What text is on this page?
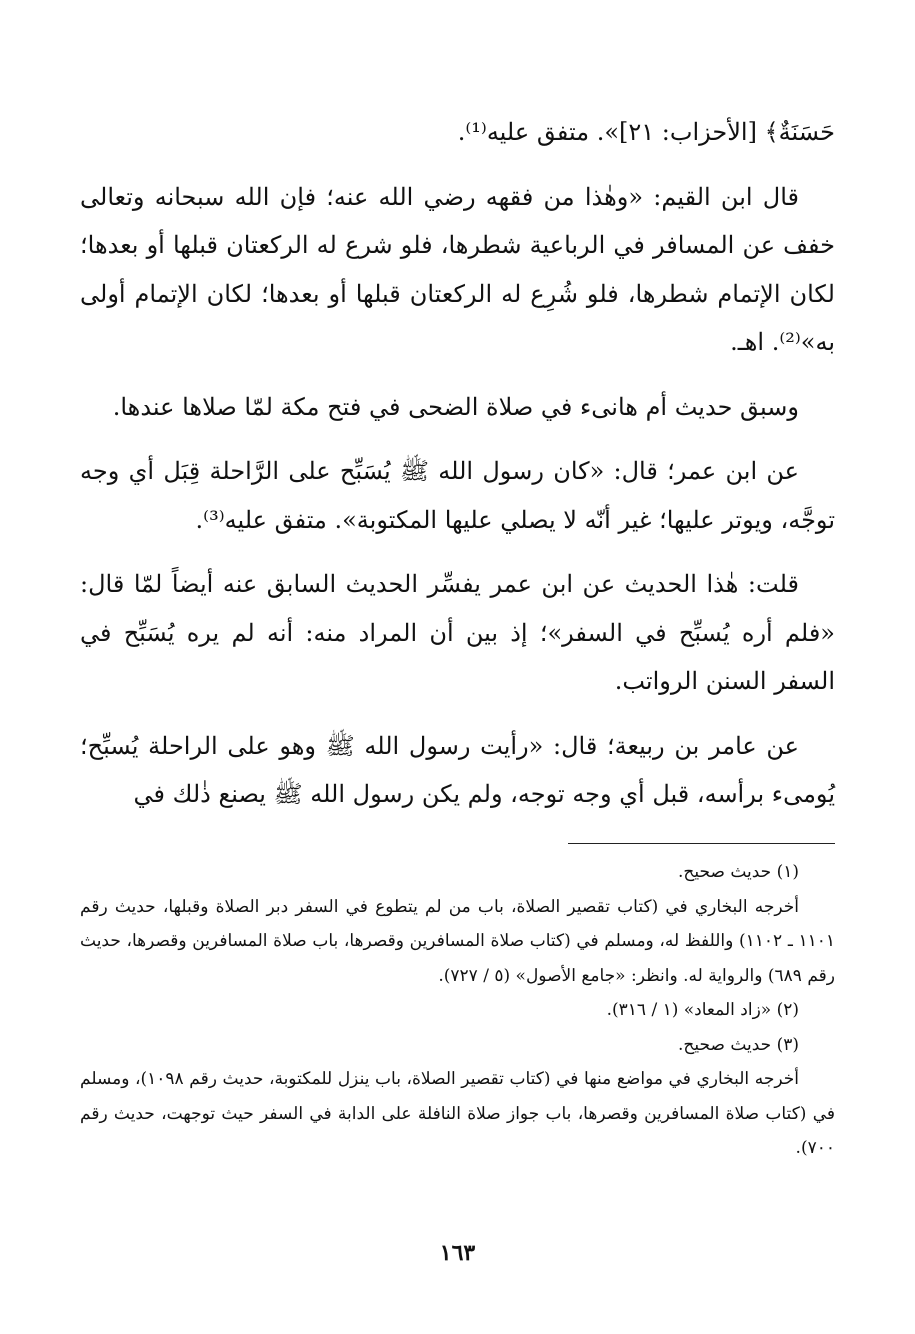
حَسَنَةٌ﴾ [الأحزاب: ٢١]». متفق عليه⁽¹⁾.

قال ابن القيم: «وهٰذا من فقهه رضي الله عنه؛ فإن الله سبحانه وتعالى خفف عن المسافر في الرباعية شطرها، فلو شرع له الركعتان قبلها أو بعدها؛ لكان الإتمام شطرها، فلو شُرِع له الركعتان قبلها أو بعدها؛ لكان الإتمام أولى به»⁽²⁾. اهـ.

وسبق حديث أم هانىء في صلاة الضحى في فتح مكة لمّا صلاها عندها.

عن ابن عمر؛ قال: «كان رسول الله ﷺ يُسَبِّح على الرَّاحلة قِبَل أي وجه توجَّه، ويوتر عليها؛ غير أنّه لا يصلي عليها المكتوبة». متفق عليه⁽³⁾.

قلت: هٰذا الحديث عن ابن عمر يفسِّر الحديث السابق عنه أيضاً لمّا قال: «فلم أره يُسبِّح في السفر»؛ إذ بين أن المراد منه: أنه لم يره يُسَبِّح في السفر السنن الرواتب.

عن عامر بن ربيعة؛ قال: «رأيت رسول الله ﷺ وهو على الراحلة يُسبِّح؛ يُومىء برأسه، قبل أي وجه توجه، ولم يكن رسول الله ﷺ يصنع ذٰلك في

(١) حديث صحيح.

أخرجه البخاري في (كتاب تقصير الصلاة، باب من لم يتطوع في السفر دبر الصلاة وقبلها، حديث رقم ١١٠١ ـ ١١٠٢) واللفظ له، ومسلم في (كتاب صلاة المسافرين وقصرها، باب صلاة المسافرين وقصرها، حديث رقم ٦٨٩) والرواية له. وانظر: «جامع الأصول» (٥ / ٧٢٧).

(٢) «زاد المعاد» (١ / ٣١٦).

(٣) حديث صحيح.

أخرجه البخاري في مواضع منها في (كتاب تقصير الصلاة، باب ينزل للمكتوبة، حديث رقم ١٠٩٨)، ومسلم في (كتاب صلاة المسافرين وقصرها، باب جواز صلاة النافلة على الدابة في السفر حيث توجهت، حديث رقم ٧٠٠).

١٦٣
